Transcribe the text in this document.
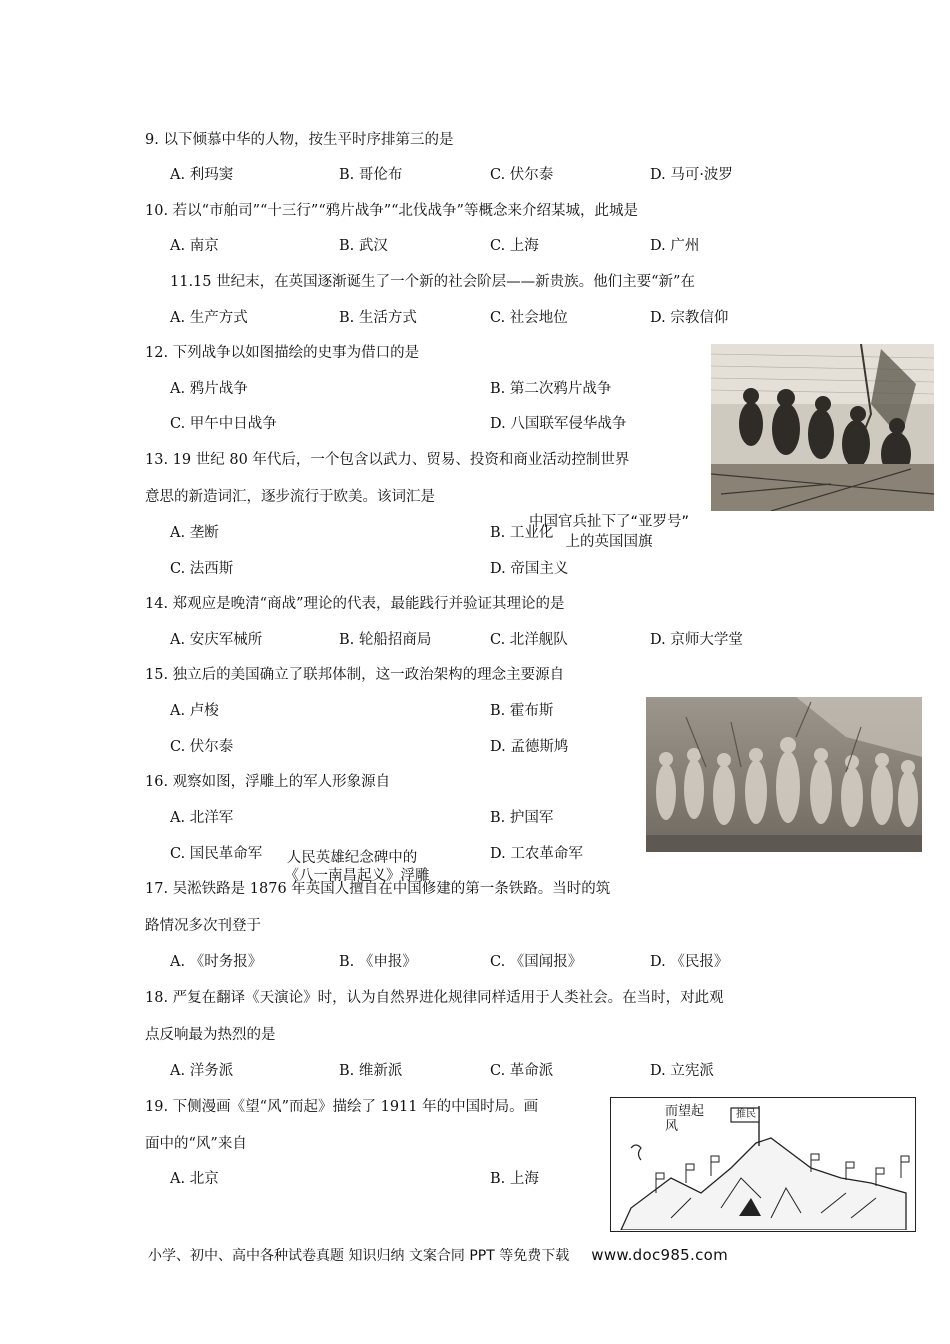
9. 以下倾慕中华的人物，按生平时序排第三的是
A. 利玛窦	B. 哥伦布	C. 伏尔泰	D. 马可·波罗
10. 若以“市舶司”“十三行”“鸦片战争”“北伐战争”等概念来介绍某城，此城是
A. 南京	B. 武汉	C. 上海	D. 广州
11.15 世纪末，在英国逐渐诞生了一个新的社会阶层——新贵族。他们主要“新”在
A. 生产方式	B. 生活方式	C. 社会地位	D. 宗教信仰
12. 下列战争以如图描绘的史事为借口的是
A. 鸦片战争	B. 第二次鸦片战争
C. 甲午中日战争	D. 八国联军侵华战争
中国官兵扯下了“亚罗号”
上的英国国旗
13. 19 世纪 80 年代后，一个包含以武力、贸易、投资和商业活动控制世界
意思的新造词汇，逐步流行于欧美。该词汇是
A. 垄断	B. 工业化
C. 法西斯	D. 帝国主义
14. 郑观应是晚清“商战”理论的代表，最能践行并验证其理论的是
A. 安庆军械所	B. 轮船招商局	C. 北洋舰队	D. 京师大学堂
15. 独立后的美国确立了联邦体制，这一政治架构的理念主要源自
A. 卢梭	B. 霍布斯
C. 伏尔泰	D. 孟德斯鸠
16. 观察如图，浮雕上的军人形象源自
A. 北洋军	B. 护国军
C. 国民革命军	D. 工农革命军
人民英雄纪念碑中的
《八一南昌起义》浮雕
17. 吴淞铁路是 1876 年英国人擅自在中国修建的第一条铁路。当时的筑
路情况多次刊登于
A. 《时务报》	B. 《申报》	C. 《国闻报》	D. 《民报》
18. 严复在翻译《天演论》时，认为自然界进化规律同样适用于人类社会。在当时，对此观
点反响最为热烈的是
A. 洋务派	B. 维新派	C. 革命派	D. 立宪派
19. 下侧漫画《望“风”而起》描绘了 1911 年的中国时局。画
面中的“风”来自
A. 北京	B. 上海
而望起风
推民
小学、初中、高中各种试卷真题 知识归纳 文案合同 PPT 等免费下载 www.doc985.com
